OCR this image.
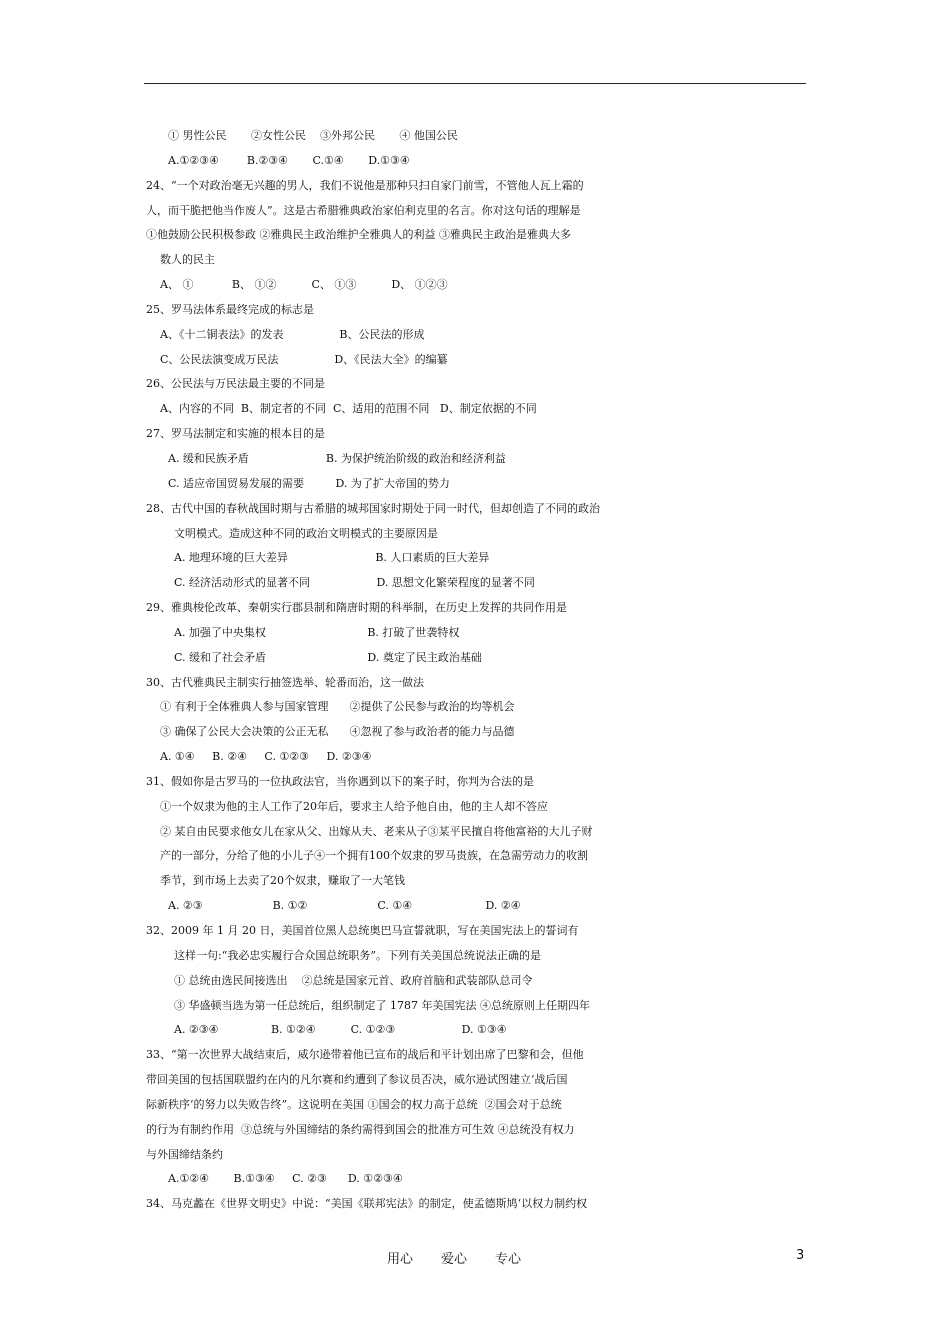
① 男性公民       ②女性公民    ③外邦公民       ④ 他国公民
A.①②③④        B.②③④       C.①④       D.①③④
24、“一个对政治毫无兴趣的男人，我们不说他是那种只扫自家门前雪，不管他人瓦上霜的
人，而干脆把他当作废人”。这是古希腊雅典政治家伯利克里的名言。你对这句话的理解是
①他鼓励公民积极参政 ②雅典民主政治维护全雅典人的利益 ③雅典民主政治是雅典大多
数人的民主
A、 ①           B、 ①②          C、 ①③          D、 ①②③
25、罗马法体系最终完成的标志是
A、《十二铜表法》的发表                B、公民法的形成
C、公民法演变成万民法                D、《民法大全》的编纂
26、公民法与万民法最主要的不同是
A、内容的不同  B、制定者的不同  C、适用的范围不同   D、制定依据的不同
27、罗马法制定和实施的根本目的是
A. 缓和民族矛盾                      B. 为保护统治阶级的政治和经济利益
C. 适应帝国贸易发展的需要         D. 为了扩大帝国的势力
28、古代中国的春秋战国时期与古希腊的城邦国家时期处于同一时代，但却创造了不同的政治
文明模式。造成这种不同的政治文明模式的主要原因是
A. 地理环境的巨大差异                         B. 人口素质的巨大差异
C. 经济活动形式的显著不同                   D. 思想文化繁荣程度的显著不同
29、雅典梭伦改革、秦朝实行郡县制和隋唐时期的科举制，在历史上发挥的共同作用是
A. 加强了中央集权                             B. 打破了世袭特权
C. 缓和了社会矛盾                             D. 奠定了民主政治基础
30、古代雅典民主制实行抽签选举、轮番而治，这一做法
① 有利于全体雅典人参与国家管理      ②提供了公民参与政治的均等机会
③ 确保了公民大会决策的公正无私      ④忽视了参与政治者的能力与品德
A. ①④     B. ②④     C. ①②③     D. ②③④
31、假如你是古罗马的一位执政法官，当你遇到以下的案子时，你判为合法的是
①一个奴隶为他的主人工作了20年后，要求主人给予他自由，他的主人却不答应
② 某自由民要求他女儿在家从父、出嫁从夫、老来从子③某平民擅自将他富裕的大儿子财
产的一部分，分给了他的小儿子④一个拥有100个奴隶的罗马贵族，在急需劳动力的收割
季节，到市场上去卖了20个奴隶，赚取了一大笔钱
A. ②③                    B. ①②                    C. ①④                     D. ②④
32、2009 年 1 月 20 日，美国首位黑人总统奥巴马宣誓就职，写在美国宪法上的誓词有
这样一句:“我必忠实履行合众国总统职务”。下列有关美国总统说法正确的是
① 总统由选民间接选出    ②总统是国家元首、政府首脑和武装部队总司令
③ 华盛顿当选为第一任总统后，组织制定了 1787 年美国宪法 ④总统原则上任期四年
A. ②③④               B. ①②④          C. ①②③                   D. ①③④
33、“第一次世界大战结束后，威尔逊带着他已宣布的战后和平计划出席了巴黎和会，但他
带回美国的包括国联盟约在内的凡尔赛和约遭到了参议员否决，威尔逊试图建立‘战后国
际新秩序’的努力以失败告终”。这说明在美国 ①国会的权力高于总统  ②国会对于总统
的行为有制约作用  ③总统与外国缔结的条约需得到国会的批准方可生效 ④总统没有权力
与外国缔结条约
A.①②④       B.①③④     C. ②③      D. ①②③④
34、马克蠡在《世界文明史》中说：“美国《联邦宪法》的制定，使孟德斯鸠‘以权力制约权
用心 爱心 专心	3
